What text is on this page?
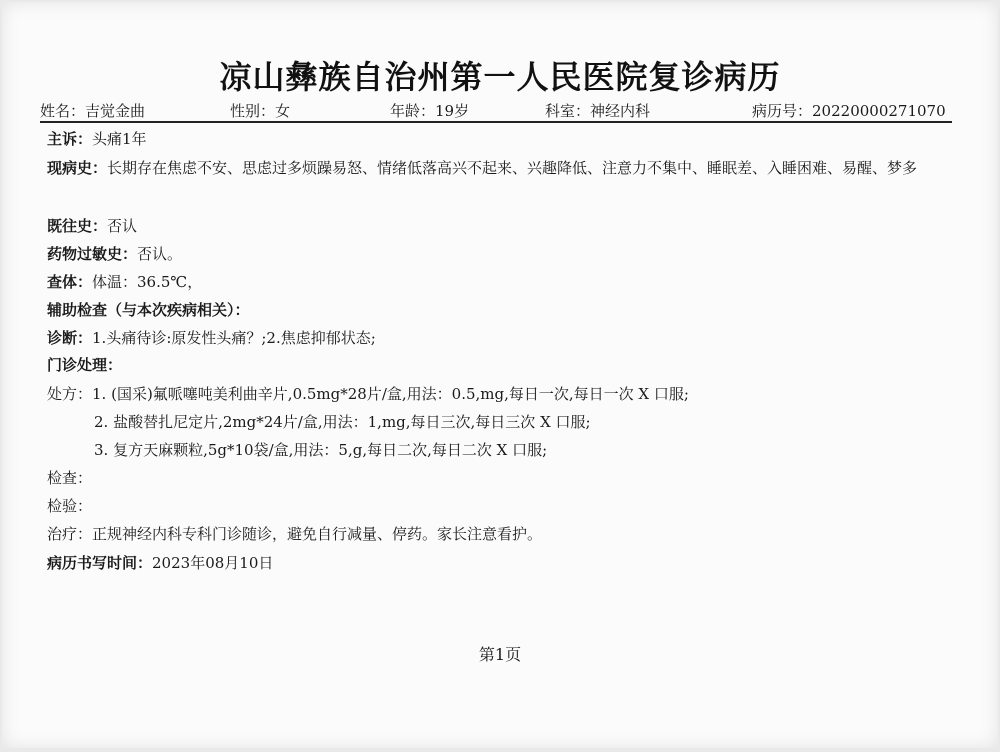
凉山彝族自治州第一人民医院复诊病历
姓名：吉觉金曲	性别：女	年龄：19岁	科室：神经内科	病历号：20220000271070
主诉：头痛1年
现病史：长期存在焦虑不安、思虑过多烦躁易怒、情绪低落高兴不起来、兴趣降低、注意力不集中、睡眠差、入睡困难、易醒、梦多
既往史：否认
药物过敏史：否认。
查体：体温：36.5℃，
辅助检查（与本次疾病相关）：
诊断：1.头痛待诊:原发性头痛？;2.焦虑抑郁状态;
门诊处理：
处方：1. (国采)氟哌噻吨美利曲辛片,0.5mg*28片/盒,用法：0.5,mg,每日一次,每日一次 X 口服;
2. 盐酸替扎尼定片,2mg*24片/盒,用法：1,mg,每日三次,每日三次 X 口服;
3. 复方天麻颗粒,5g*10袋/盒,用法：5,g,每日二次,每日二次 X 口服;
检查：
检验：
治疗：正规神经内科专科门诊随诊，避免自行减量、停药。家长注意看护。
病历书写时间：2023年08月10日
第1页
